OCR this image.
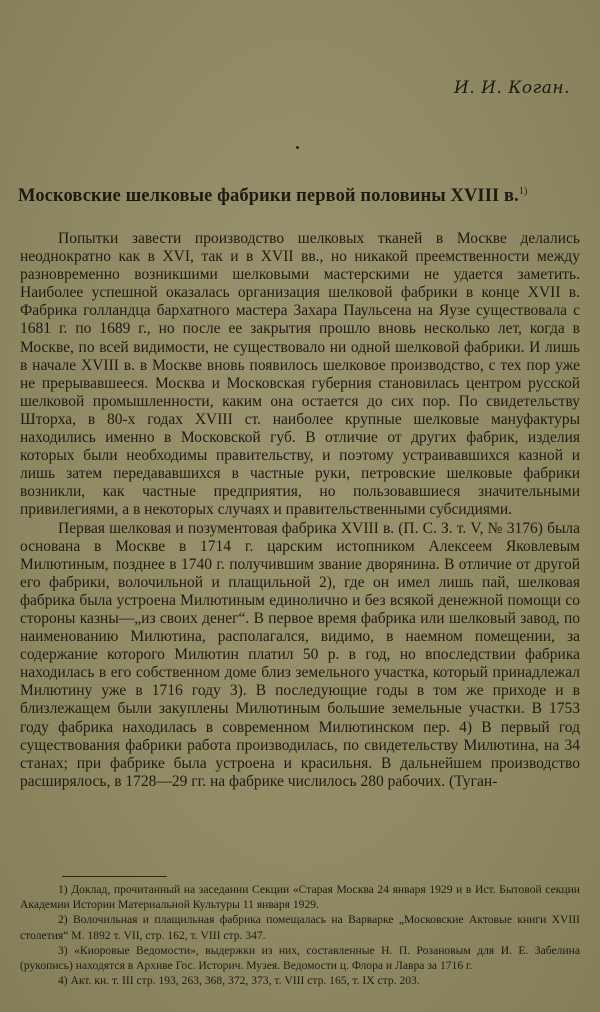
И. И. Коган.
Московские шелковые фабрики первой половины XVIII в.$^{1)}$

Попытки завести производство шелковых тканей в Москве делались неоднократно как в XVI, так и в XVII вв., но никакой преемственности между разновременно возникшими шелковыми мастерскими не удается заметить. Наиболее успешной оказалась организация шелковой фабрики в конце XVII в. Фабрика голландца бархатного мастера Захара Паульсена на Яузе существовала с 1681 г. по 1689 г., но после ее закрытия прошло вновь несколько лет, когда в Москве, по всей видимости, не существовало ни одной шелковой фабрики. И лишь в начале XVIII в. в Москве вновь появилось шелковое производство, с тех пор уже не прерывавшееся. Москва и Московская губерния становилась центром русской шелковой промышленности, каким она остается до сих пор. По свидетельству Шторха, в 80-х годах XVIII ст. наиболее крупные шелковые мануфактуры находились именно в Московской губ. В отличие от других фабрик, изделия которых были необходимы правительству, и поэтому устраивавшихся казной и лишь затем передававшихся в частные руки, петровские шелковые фабрики возникли, как частные предприятия, но пользовавшиеся значительными привилегиями, а в некоторых случаях и правительственными субсидиями.

Первая шелковая и позументовая фабрика XVIII в. (П. С. З. т. V, № 3176) была основана в Москве в 1714 г. царским истопником Алексеем Яковлевым Милютиным, позднее в 1740 г. получившим звание дворянина. В отличие от другой его фабрики, волочильной и плащильной 2), где он имел лишь пай, шелковая фабрика была устроена Милютиным единолично и без всякой денежной помощи со стороны казны—„из своих денег“. В первое время фабрика или шелковый завод, по наименованию Милютина, располагался, видимо, в наемном помещении, за содержание которого Милютин платил 50 р. в год, но впоследствии фабрика находилась в его собственном доме близ земельного участка, который принадлежал Милютину уже в 1716 году 3). В последующие годы в том же приходе и в близлежащем были закуплены Милютиным большие земельные участки. В 1753 году фабрика находилась в современном Милютинском пер. 4) В первый год существования фабрики работа производилась, по свидетельству Милютина, на 34 станах; при фабрике была устроена и красильня. В дальнейшем производство расширялось, в 1728—29 гг. на фабрике числилось 280 рабочих. (Туган-

1) Доклад, прочитанный на заседании Секции «Старая Москва 24 января 1929 и в Ист. Бытовой секции Академии Истории Материальной Культуры 11 января 1929.

2) Волочильная и плащильная фабрика помещалась на Варварке „Московские Актовые книги XVIII столетия“ М. 1892 т. VII, стр. 162, т. VIII стр. 347.

3) «Киоровые Ведомости», выдержки из них, составленные Н. П. Розановым для И. Е. Забелина (рукопись) находятся в Архиве Гос. Историч. Музея. Ведомости ц. Флора и Лавра за 1716 г.

4) Акт. кн. т. III стр. 193, 263, 368, 372, 373, т. VIII стр. 165, т. IX стр. 203.
